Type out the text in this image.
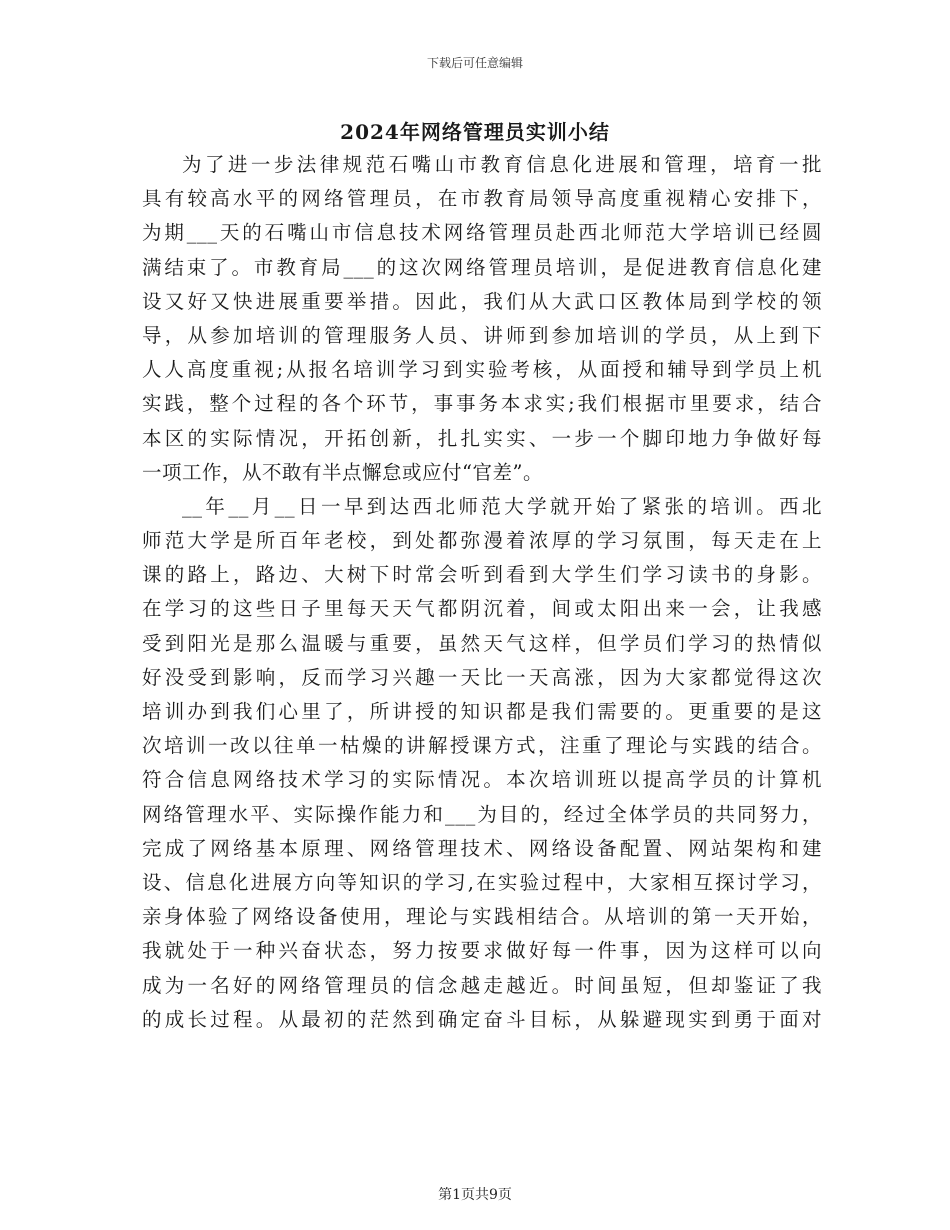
下载后可任意编辑
2024年网络管理员实训小结
为了进一步法律规范石嘴山市教育信息化进展和管理，培育一批
具有较高水平的网络管理员，在市教育局领导高度重视精心安排下，
为期___天的石嘴山市信息技术网络管理员赴西北师范大学培训已经圆
满结束了。市教育局___的这次网络管理员培训，是促进教育信息化建
设又好又快进展重要举措。因此，我们从大武口区教体局到学校的领
导，从参加培训的管理服务人员、讲师到参加培训的学员，从上到下
人人高度重视;从报名培训学习到实验考核，从面授和辅导到学员上机
实践，整个过程的各个环节，事事务本求实;我们根据市里要求，结合
本区的实际情况，开拓创新，扎扎实实、一步一个脚印地力争做好每
一项工作，从不敢有半点懈怠或应付“官差”。
__年__月__日一早到达西北师范大学就开始了紧张的培训。西北
师范大学是所百年老校，到处都弥漫着浓厚的学习氛围，每天走在上
课的路上，路边、大树下时常会听到看到大学生们学习读书的身影。
在学习的这些日子里每天天气都阴沉着，间或太阳出来一会，让我感
受到阳光是那么温暖与重要，虽然天气这样，但学员们学习的热情似
好没受到影响，反而学习兴趣一天比一天高涨，因为大家都觉得这次
培训办到我们心里了，所讲授的知识都是我们需要的。更重要的是这
次培训一改以往单一枯燥的讲解授课方式，注重了理论与实践的结合。
符合信息网络技术学习的实际情况。本次培训班以提高学员的计算机
网络管理水平、实际操作能力和___为目的，经过全体学员的共同努力，
完成了网络基本原理、网络管理技术、网络设备配置、网站架构和建
设、信息化进展方向等知识的学习,在实验过程中，大家相互探讨学习，
亲身体验了网络设备使用，理论与实践相结合。从培训的第一天开始，
我就处于一种兴奋状态，努力按要求做好每一件事，因为这样可以向
成为一名好的网络管理员的信念越走越近。时间虽短，但却鉴证了我
的成长过程。从最初的茫然到确定奋斗目标，从躲避现实到勇于面对
第1页共9页
